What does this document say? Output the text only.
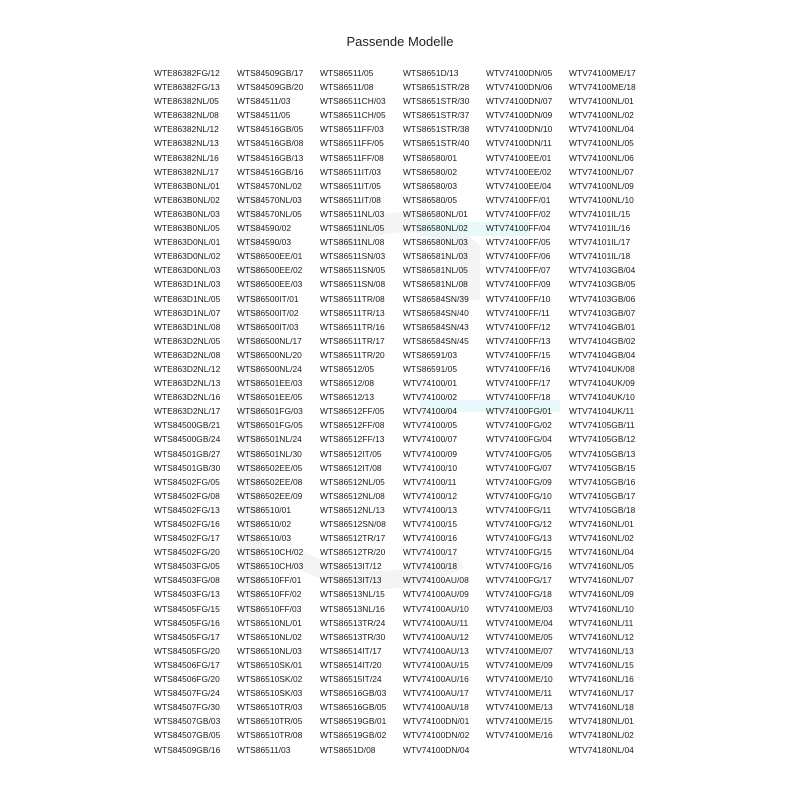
Passende Modelle
WTE86382FG/12
WTE86382FG/13
WTE86382NL/05
WTE86382NL/08
WTE86382NL/12
WTE86382NL/13
WTE86382NL/16
WTE86382NL/17
WTE863B0NL/01
WTE863B0NL/02
WTE863B0NL/03
WTE863B0NL/05
WTE863D0NL/01
WTE863D0NL/02
WTE863D0NL/03
WTE863D1NL/03
WTE863D1NL/05
WTE863D1NL/07
WTE863D1NL/08
WTE863D2NL/05
WTE863D2NL/08
WTE863D2NL/12
WTE863D2NL/13
WTE863D2NL/16
WTE863D2NL/17
WTS84500GB/21
WTS84500GB/24
WTS84501GB/27
WTS84501GB/30
WTS84502FG/05
WTS84502FG/08
WTS84502FG/13
WTS84502FG/16
WTS84502FG/17
WTS84502FG/20
WTS84503FG/05
WTS84503FG/08
WTS84503FG/13
WTS84505FG/15
WTS84505FG/16
WTS84505FG/17
WTS84505FG/20
WTS84506FG/17
WTS84506FG/20
WTS84507FG/24
WTS84507FG/30
WTS84507GB/03
WTS84507GB/05
WTS84509GB/16
WTS84509GB/17
WTS84509GB/20
WTS84511/03
WTS84511/05
WTS84516GB/05
WTS84516GB/08
WTS84516GB/13
WTS84516GB/16
WTS84570NL/02
WTS84570NL/03
WTS84570NL/05
WTS84590/02
WTS84590/03
WTS86500EE/01
WTS86500EE/02
WTS86500EE/03
WTS86500IT/01
WTS86500IT/02
WTS86500IT/03
WTS86500NL/17
WTS86500NL/20
WTS86500NL/24
WTS86501EE/03
WTS86501EE/05
WTS86501FG/03
WTS86501FG/05
WTS86501NL/24
WTS86501NL/30
WTS86502EE/05
WTS86502EE/08
WTS86502EE/09
WTS86510/01
WTS86510/02
WTS86510/03
WTS86510CH/02
WTS86510CH/03
WTS86510FF/01
WTS86510FF/02
WTS86510FF/03
WTS86510NL/01
WTS86510NL/02
WTS86510NL/03
WTS86510SK/01
WTS86510SK/02
WTS86510SK/03
WTS86510TR/03
WTS86510TR/05
WTS86510TR/08
WTS86511/03
WTS86511/05
WTS86511/08
WTS86511CH/03
WTS86511CH/05
WTS86511FF/03
WTS86511FF/05
WTS86511FF/08
WTS86511IT/03
WTS86511IT/05
WTS86511IT/08
WTS86511NL/03
WTS86511NL/05
WTS86511NL/08
WTS86511SN/03
WTS86511SN/05
WTS86511SN/08
WTS86511TR/08
WTS86511TR/13
WTS86511TR/16
WTS86511TR/17
WTS86511TR/20
WTS86512/05
WTS86512/08
WTS86512/13
WTS86512FF/05
WTS86512FF/08
WTS86512FF/13
WTS86512IT/05
WTS86512IT/08
WTS86512NL/05
WTS86512NL/08
WTS86512NL/13
WTS86512SN/08
WTS86512TR/17
WTS86512TR/20
WTS86513IT/12
WTS86513IT/13
WTS86513NL/15
WTS86513NL/16
WTS86513TR/24
WTS86513TR/30
WTS86514IT/17
WTS86514IT/20
WTS86515IT/24
WTS86516GB/03
WTS86516GB/05
WTS86519GB/01
WTS86519GB/02
WTS8651D/08
WTS8651D/13
WTS8651STR/28
WTS8651STR/30
WTS8651STR/37
WTS8651STR/38
WTS8651STR/40
WTS86580/01
WTS86580/02
WTS86580/03
WTS86580/05
WTS86580NL/01
WTS86580NL/02
WTS86580NL/03
WTS86581NL/03
WTS86581NL/05
WTS86581NL/08
WTS86584SN/39
WTS86584SN/40
WTS86584SN/43
WTS86584SN/45
WTS86591/03
WTS86591/05
WTV74100/01
WTV74100/02
WTV74100/04
WTV74100/05
WTV74100/07
WTV74100/09
WTV74100/10
WTV74100/11
WTV74100/12
WTV74100/13
WTV74100/15
WTV74100/16
WTV74100/17
WTV74100/18
WTV74100AU/08
WTV74100AU/09
WTV74100AU/10
WTV74100AU/11
WTV74100AU/12
WTV74100AU/13
WTV74100AU/15
WTV74100AU/16
WTV74100AU/17
WTV74100AU/18
WTV74100DN/01
WTV74100DN/02
WTV74100DN/04
WTV74100DN/05
WTV74100DN/06
WTV74100DN/07
WTV74100DN/09
WTV74100DN/10
WTV74100DN/11
WTV74100EE/01
WTV74100EE/02
WTV74100EE/04
WTV74100FF/01
WTV74100FF/02
WTV74100FF/04
WTV74100FF/05
WTV74100FF/06
WTV74100FF/07
WTV74100FF/09
WTV74100FF/10
WTV74100FF/11
WTV74100FF/12
WTV74100FF/13
WTV74100FF/15
WTV74100FF/16
WTV74100FF/17
WTV74100FF/18
WTV74100FG/01
WTV74100FG/02
WTV74100FG/04
WTV74100FG/05
WTV74100FG/07
WTV74100FG/09
WTV74100FG/10
WTV74100FG/11
WTV74100FG/12
WTV74100FG/13
WTV74100FG/15
WTV74100FG/16
WTV74100FG/17
WTV74100FG/18
WTV74100ME/03
WTV74100ME/04
WTV74100ME/05
WTV74100ME/07
WTV74100ME/09
WTV74100ME/10
WTV74100ME/11
WTV74100ME/13
WTV74100ME/15
WTV74100ME/16
WTV74100ME/17
WTV74100ME/18
WTV74100NL/01
WTV74100NL/02
WTV74100NL/04
WTV74100NL/05
WTV74100NL/06
WTV74100NL/07
WTV74100NL/09
WTV74100NL/10
WTV74101IL/15
WTV74101IL/16
WTV74101IL/17
WTV74101IL/18
WTV74103GB/04
WTV74103GB/05
WTV74103GB/06
WTV74103GB/07
WTV74104GB/01
WTV74104GB/02
WTV74104GB/04
WTV74104UK/08
WTV74104UK/09
WTV74104UK/10
WTV74104UK/11
WTV74105GB/11
WTV74105GB/12
WTV74105GB/13
WTV74105GB/15
WTV74105GB/16
WTV74105GB/17
WTV74105GB/18
WTV74160NL/01
WTV74160NL/02
WTV74160NL/04
WTV74160NL/05
WTV74160NL/07
WTV74160NL/09
WTV74160NL/10
WTV74160NL/11
WTV74160NL/12
WTV74160NL/13
WTV74160NL/15
WTV74160NL/16
WTV74160NL/17
WTV74160NL/18
WTV74180NL/01
WTV74180NL/02
WTV74180NL/04
